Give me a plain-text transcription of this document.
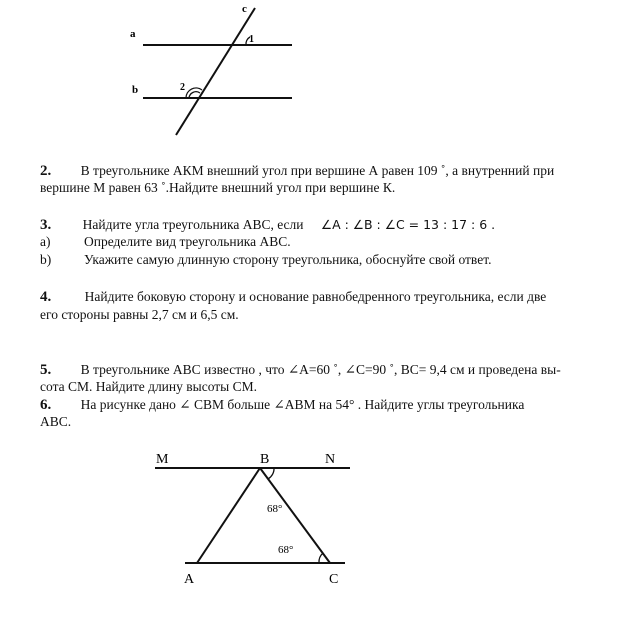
a
b
c
1
2
2. В треугольнике АКМ внешний угол при вершине А равен 109 ˚, а внутренний при
вершине М равен 63 ˚.Найдите внешний угол при вершине К.
3. Найдите угла треугольника АВС, если ∠A : ∠B : ∠C = 13 : 17 : 6 .
а) Определите вид треугольника АВС.
b) Укажите самую длинную сторону треугольника, обоснуйте свой ответ.
4. Найдите боковую сторону и основание равнобедренного треугольника, если две
его стороны равны 2,7 см и 6,5 см.
5. В треугольнике АВС известно , что ∠А=60 ˚, ∠С=90 ˚, ВС= 9,4 см и проведена вы-
сота СМ. Найдите длину высоты СМ.
6. На рисунке дано ∠ CBM больше ∠ABM на 54° . Найдите углы треугольника
АВС.
M	B	N
A	C
68°
68°
